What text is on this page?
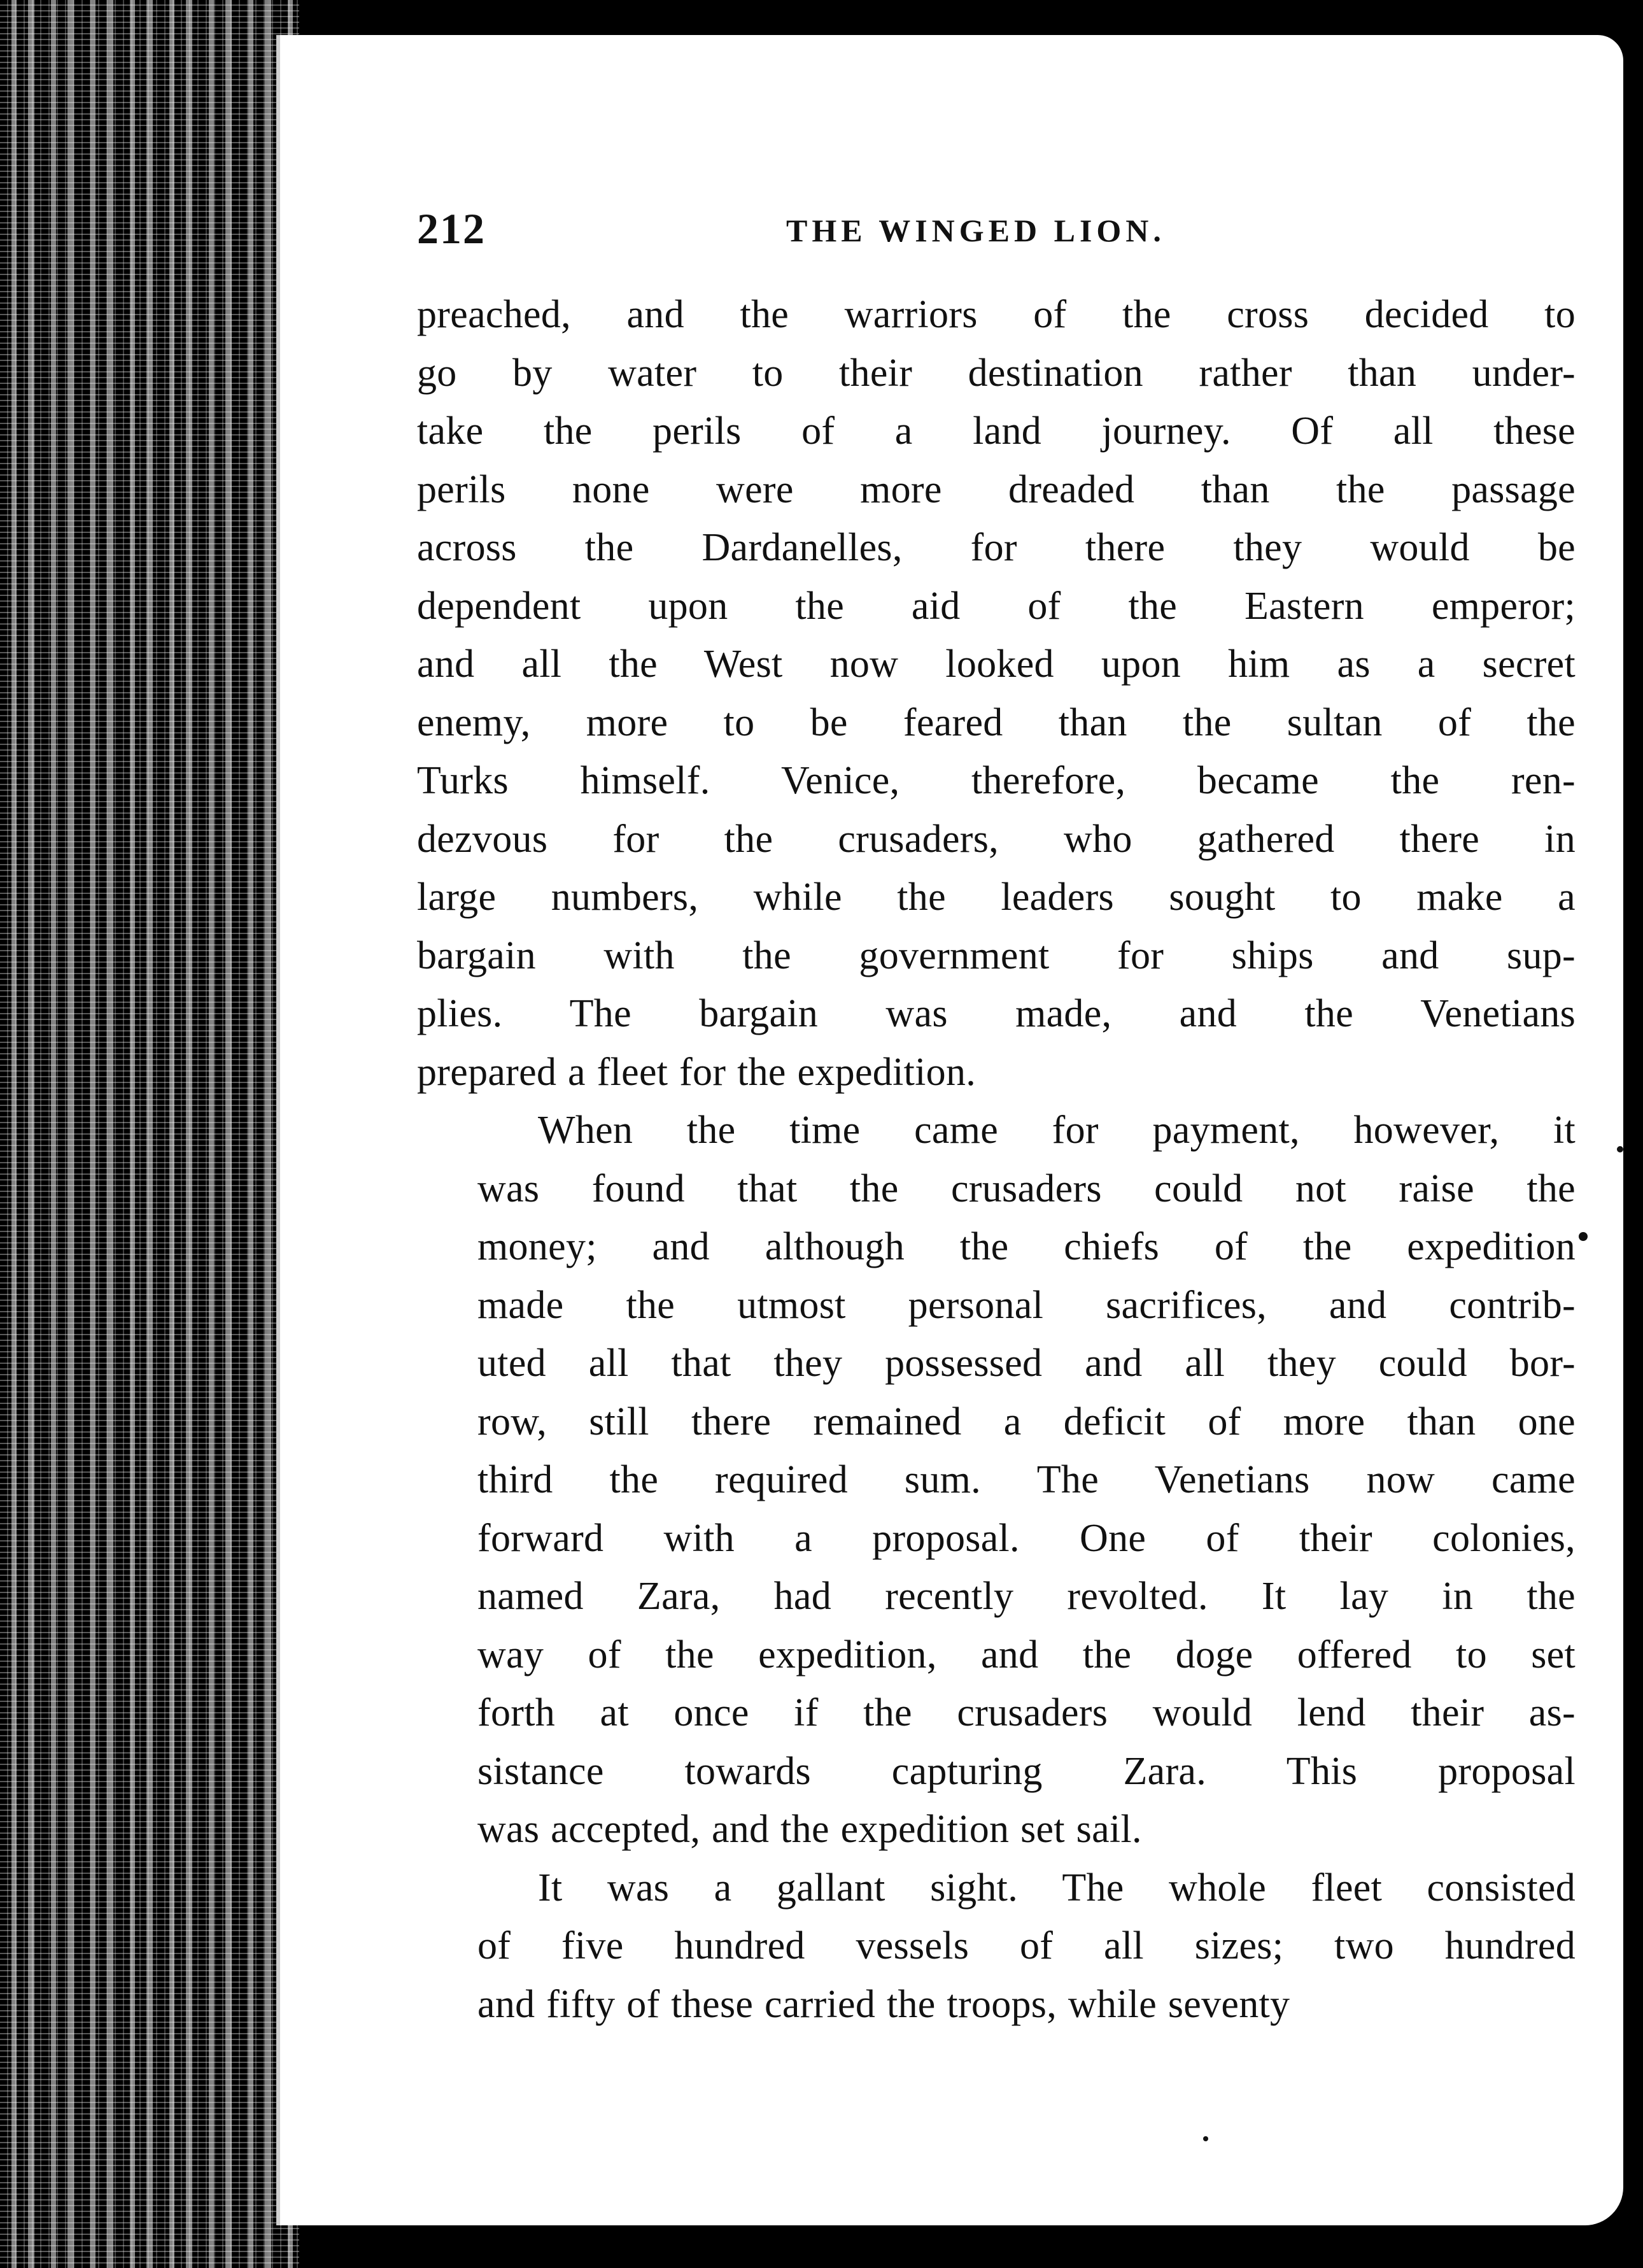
212	THE WINGED LION.
preached, and the warriors of the cross decided to
go by water to their destination rather than under-
take the perils of a land journey. Of all these
perils none were more dreaded than the passage
across the Dardanelles, for there they would be
dependent upon the aid of the Eastern emperor;
and all the West now looked upon him as a secret
enemy, more to be feared than the sultan of the
Turks himself. Venice, therefore, became the ren-
dezvous for the crusaders, who gathered there in
large numbers, while the leaders sought to make a
bargain with the government for ships and sup-
plies. The bargain was made, and the Venetians
prepared a fleet for the expedition.
When the time came for payment, however, it
was found that the crusaders could not raise the
money; and although the chiefs of the expedition
made the utmost personal sacrifices, and contrib-
uted all that they possessed and all they could bor-
row, still there remained a deficit of more than one
third the required sum. The Venetians now came
forward with a proposal. One of their colonies,
named Zara, had recently revolted. It lay in the
way of the expedition, and the doge offered to set
forth at once if the crusaders would lend their as-
sistance towards capturing Zara. This proposal
was accepted, and the expedition set sail.
It was a gallant sight. The whole fleet consisted
of five hundred vessels of all sizes; two hundred
and fifty of these carried the troops, while seventy
